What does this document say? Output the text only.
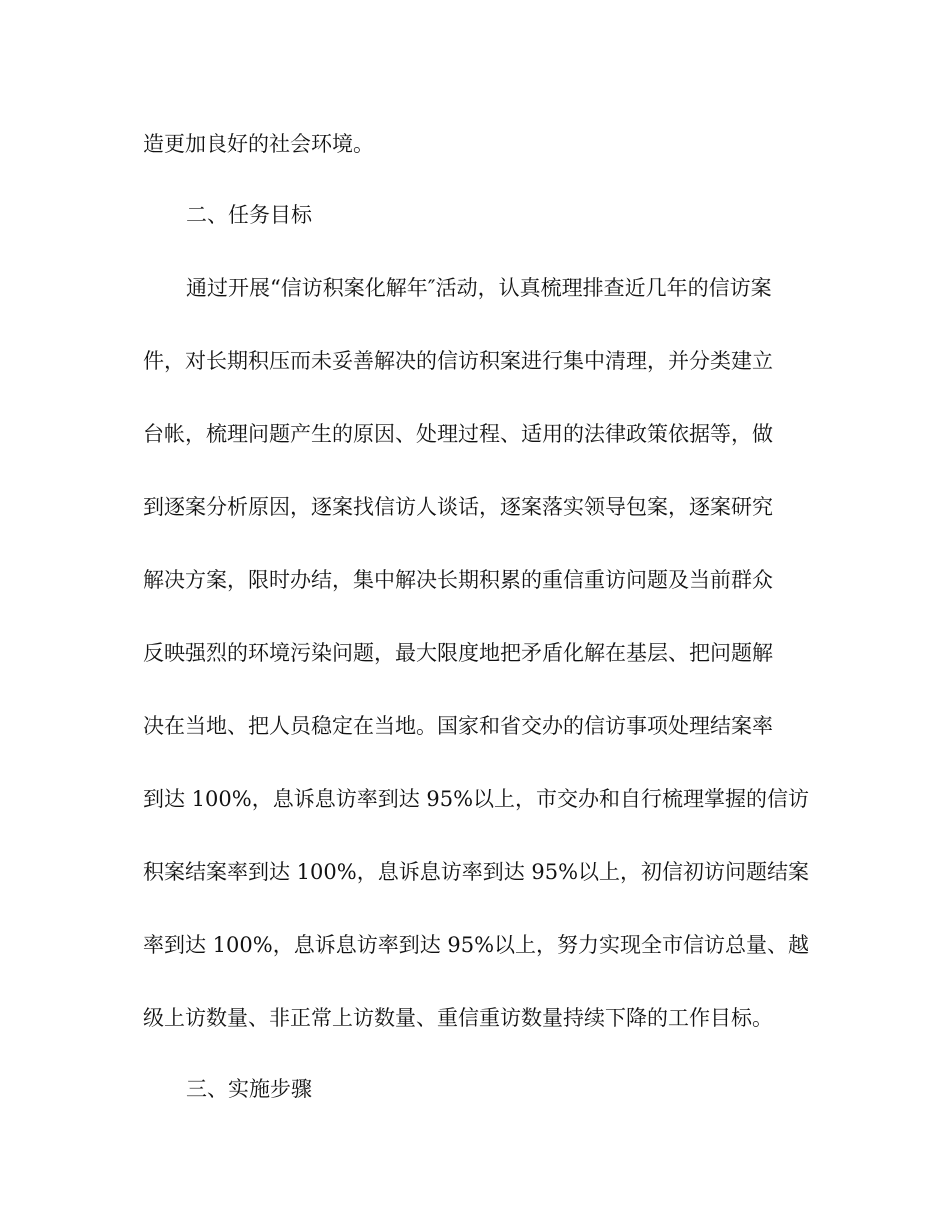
造更加良好的社会环境。
二、任务目标
通过开展“信访积案化解年″活动，认真梳理排查近几年的信访案
件，对长期积压而未妥善解决的信访积案进行集中清理，并分类建立
台帐，梳理问题产生的原因、处理过程、适用的法律政策依据等，做
到逐案分析原因，逐案找信访人谈话，逐案落实领导包案，逐案研究
解决方案，限时办结，集中解决长期积累的重信重访问题及当前群众
反映强烈的环境污染问题，最大限度地把矛盾化解在基层、把问题解
决在当地、把人员稳定在当地。国家和省交办的信访事项处理结案率
到达 100%，息诉息访率到达 95%以上，市交办和自行梳理掌握的信访
积案结案率到达 100%，息诉息访率到达 95%以上，初信初访问题结案
率到达 100%，息诉息访率到达 95%以上，努力实现全市信访总量、越
级上访数量、非正常上访数量、重信重访数量持续下降的工作目标。
三、实施步骤
